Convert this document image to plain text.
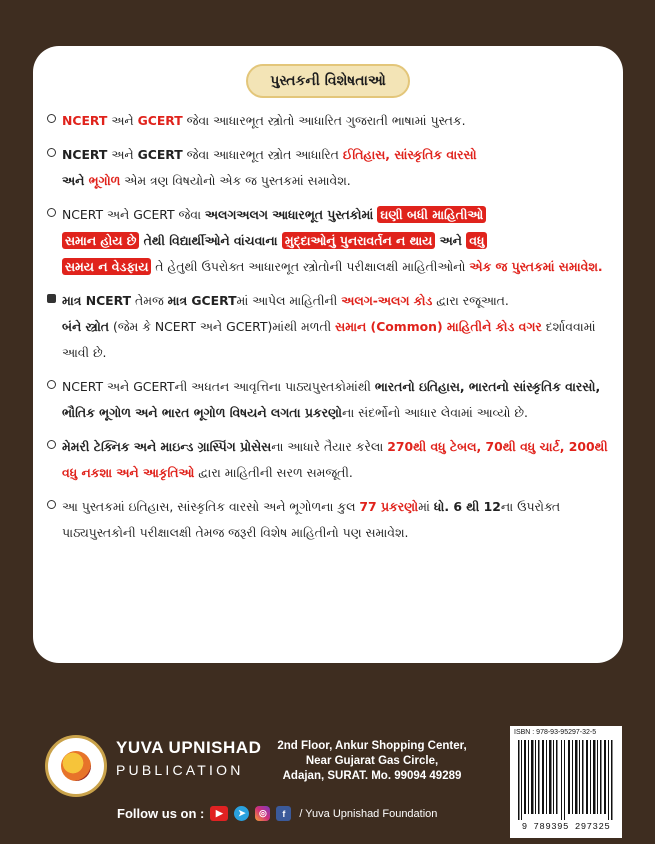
પુસ્તકની વિશેષતાઓ
NCERT અને GCERT જેવા આધારભૂત સ્ત્રોતો આધારિત ગુજરાતી ભાષામાં પુસ્તક.
NCERT અને GCERT જેવા આધારભૂત સ્ત્રોત આધારિત ઈતિહાસ, સાંસ્કૃતિક વારસો
અને ભૂગોળ એમ ત્રણ વિષયોનો એક જ પુસ્તકમાં સમાવેશ.
NCERT અને GCERT જેવા અલગઅલગ આધારભૂત પુસ્તકોમાં ઘણી બધી માહિતીઓ
સમાન હોય છે તેથી વિદ્યાર્થીઓને વાંચવાના મુદ્દાઓનું પુનરાવર્તન ન થાય અને વધુ
સમય ન વેડફાય તે હેતુથી ઉપરોક્ત આધારભૂત સ્ત્રોતોની પરીક્ષાલક્ષી માહિતીઓનો એક જ પુસ્તકમાં સમાવેશ.
માત્ર NCERT તેમજ માત્ર GCERTમાં આપેલ માહિતીની અલગ-અલગ કોડ દ્વારા રજૂઆત.
બંને સ્ત્રોત (જેમ કે NCERT અને GCERT)માંથી મળતી સમાન (Common) માહિતીને કોડ વગર દર્શાવવામાં આવી છે.
NCERT અને GCERTની અધતન આવૃત્તિના પાઠ્યપુસ્તકોમાંથી ભારતનો ઇતિહાસ, ભારતનો સાંસ્કૃતિક વારસો, ભૌતિક ભૂગોળ અને ભારત ભૂગોળ વિષયને લગતા પ્રકરણોના સંદર્ભોનો આધાર લેવામાં આવ્યો છે.
મેમરી ટેક્નિક અને માઇન્ડ ગ્રાસ્પિંગ પ્રોસેસના આધારે તૈયાર કરેલા 270થી વધુ ટેબલ, 70થી વધુ ચાર્ટ, 200થી વધુ નકશા અને આકૃતિઓ દ્વારા માહિતીની સરળ સમજૂતી.
આ પુસ્તકમાં ઇતિહાસ, સાંસ્કૃતિક વારસો અને ભૂગોળના કુલ 77 પ્રકરણોમાં ધો. 6 થી 12ના ઉપરોક્ત પાઠ્યપુસ્તકોની પરીક્ષાલક્ષી તેમજ જરૂરી વિશેષ માહિતીનો પણ સમાવેશ.
YUVA UPNISHAD
PUBLICATION
2nd Floor, Ankur Shopping Center,
Near Gujarat Gas Circle,
Adajan, SURAT. Mo. 99094 49289
ISBN : 978-93-95297-32-5
9 789395 297325
Follow us on :	▶	➤	◎	f	/ Yuva Upnishad Foundation
